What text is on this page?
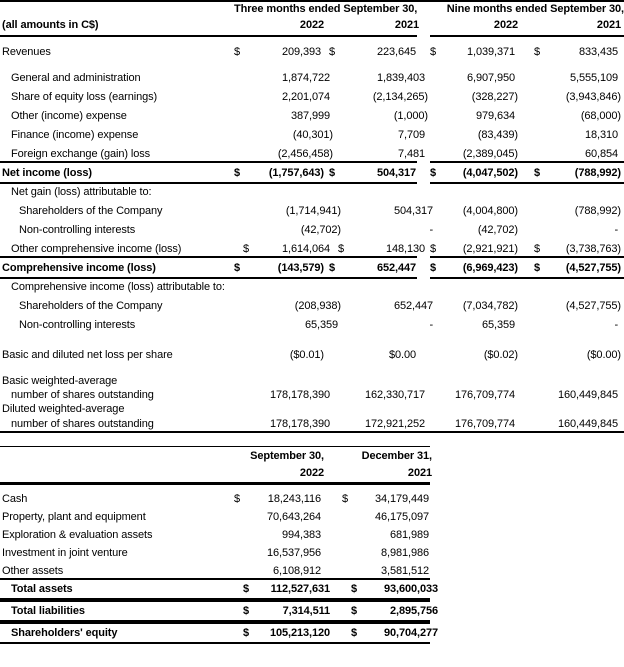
Three months ended September 30,	Nine months ended September 30,
(all amounts in C$)	2022	2021	2022	2021
Revenues	$	209,393 $	223,645 $	1,039,371 $	833,435
General and administration	1,874,722	1,839,403	6,907,950	5,555,109
Share of equity loss (earnings)	2,201,074	(2,134,265)	(328,227)	(3,943,846)
Other (income) expense	387,999	(1,000)	979,634	(68,000)
Finance (income) expense	(40,301)	7,709	(83,439)	18,310
Foreign exchange (gain) loss	(2,456,458)	7,481	(2,389,045)	60,854
Net income (loss)	$	(1,757,643) $	504,317 $ (4,047,502) $	(788,992)
Net gain (loss) attributable to:
Shareholders of the Company	(1,714,941)	504,317 (4,004,800)	(788,992)
Non-controlling interests	(42,702)	-	(42,702)	-
Other comprehensive income (loss)	$	1,614,064 $	148,130 $ (2,921,921) $ (3,738,763)
Comprehensive income (loss)	$	(143,579) $	652,447 $ (6,969,423) $ (4,527,755)
Comprehensive income (loss) attributable to:
Shareholders of the Company	(208,938)	652,447 (7,034,782)	(4,527,755)
Non-controlling interests	65,359	-	65,359	-
Basic and diluted net loss per share	($0.01)	$0.00	($0.02)	($0.00)
Basic weighted-average
number of shares outstanding	178,178,390	162,330,717 176,709,774	160,449,845
Diluted weighted-average
number of shares outstanding	178,178,390	172,921,252 176,709,774	160,449,845
September 30,	December 31,
2022	2021
Cash	$	18,243,116 $ 34,179,449
Property, plant and equipment	70,643,264	46,175,097
Exploration & evaluation assets	994,383	681,989
Investment in joint venture	16,537,956	8,981,986
Other assets	6,108,912	3,581,512
Total assets	$ 112,527,631 $ 93,600,033
Total liabilities	$	7,314,511 $	2,895,756
Shareholders' equity	$ 105,213,120 $ 90,704,277
